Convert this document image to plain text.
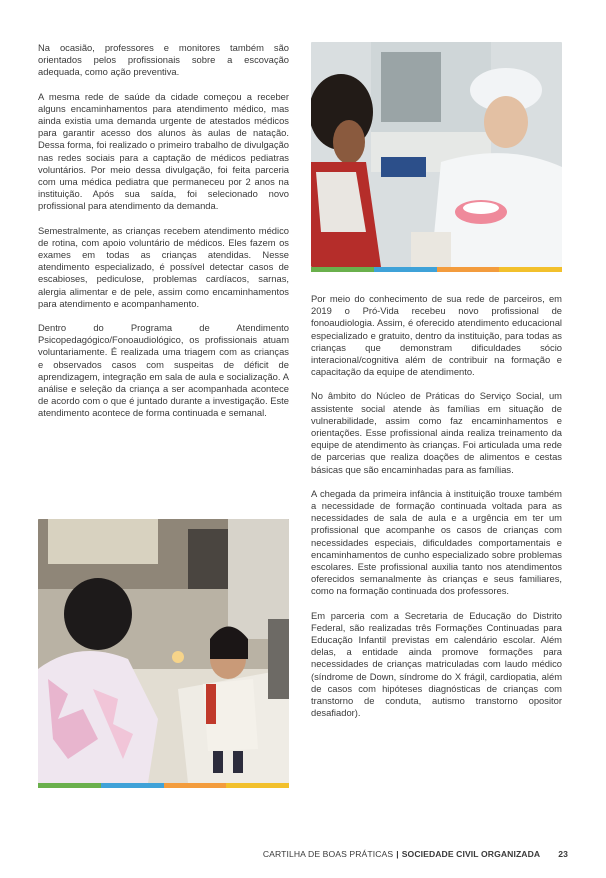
Na ocasião, professores e monitores também são orientados pelos profissionais sobre a escovação adequada, como ação preventiva.

A mesma rede de saúde da cidade começou a receber alguns encaminhamentos para atendimento médico, mas ainda existia uma demanda urgente de atestados médicos para garantir acesso dos alunos às aulas de natação. Dessa forma, foi realizado o primeiro trabalho de divulgação nas redes sociais para a captação de médicos pediatras voluntários. Por meio dessa divulgação, foi feita parceria com uma médica pediatra que permaneceu por 2 anos na instituição. Após sua saída, foi selecionado novo profissional para atendimento da demanda.

Semestralmente, as crianças recebem atendimento médico de rotina, com apoio voluntário de médicos. Eles fazem os exames em todas as crianças atendidas. Nesse atendimento especializado, é possível detectar casos de escabioses, pediculose, problemas cardíacos, sarnas, alergia alimentar e de pele, assim como encaminhamentos para atendimento e acompanhamento.

Dentro do Programa de Atendimento Psicopedagógico/Fonoaudiológico, os profissionais atuam voluntariamente. É realizada uma triagem com as crianças e observados casos com suspeitas de déficit de aprendizagem, integração em sala de aula e socialização. A análise e seleção da criança a ser acompanhada acontece de acordo com o que é juntado durante a investigação. Este atendimento acontece de forma continuada e semanal.

Por meio do conhecimento de sua rede de parceiros, em 2019 o Pró-Vida recebeu novo profissional de fonoaudiologia. Assim, é oferecido atendimento educacional especializado e gratuito, dentro da instituição, para todas as crianças que demonstram dificuldades sócio interacional/cognitiva além de contribuir na formação e capacitação da equipe de atendimento.

No âmbito do Núcleo de Práticas do Serviço Social, um assistente social atende às famílias em situação de vulnerabilidade, assim como faz encaminhamentos e orientações. Esse profissional ainda realiza treinamento da equipe de atendimento às crianças. Foi articulada uma rede de parcerias que realiza doações de alimentos e cestas básicas que são encaminhadas para as famílias.

A chegada da primeira infância à instituição trouxe também a necessidade de formação continuada voltada para as necessidades de sala de aula e a urgência em ter um profissional que acompanhe os casos de crianças com necessidades especiais, dificuldades comportamentais e encaminhamentos de cunho especializado sobre problemas escolares. Este profissional auxilia tanto nos atendimentos oferecidos semanalmente às crianças e seus familiares, como na formação continuada dos professores.

Em parceria com a Secretaria de Educação do Distrito Federal, são realizadas três Formações Continuadas para Educação Infantil previstas em calendário escolar. Além delas, a entidade ainda promove formações para necessidades de crianças matriculadas com laudo médico (síndrome de Down, síndrome do X frágil, cardiopatia, além de casos com hipóteses diagnósticas de crianças com transtorno de conduta, autismo transtorno opositor desafiador).

CARTILHA DE BOAS PRÁTICAS | SOCIEDADE CIVIL ORGANIZADA 23
